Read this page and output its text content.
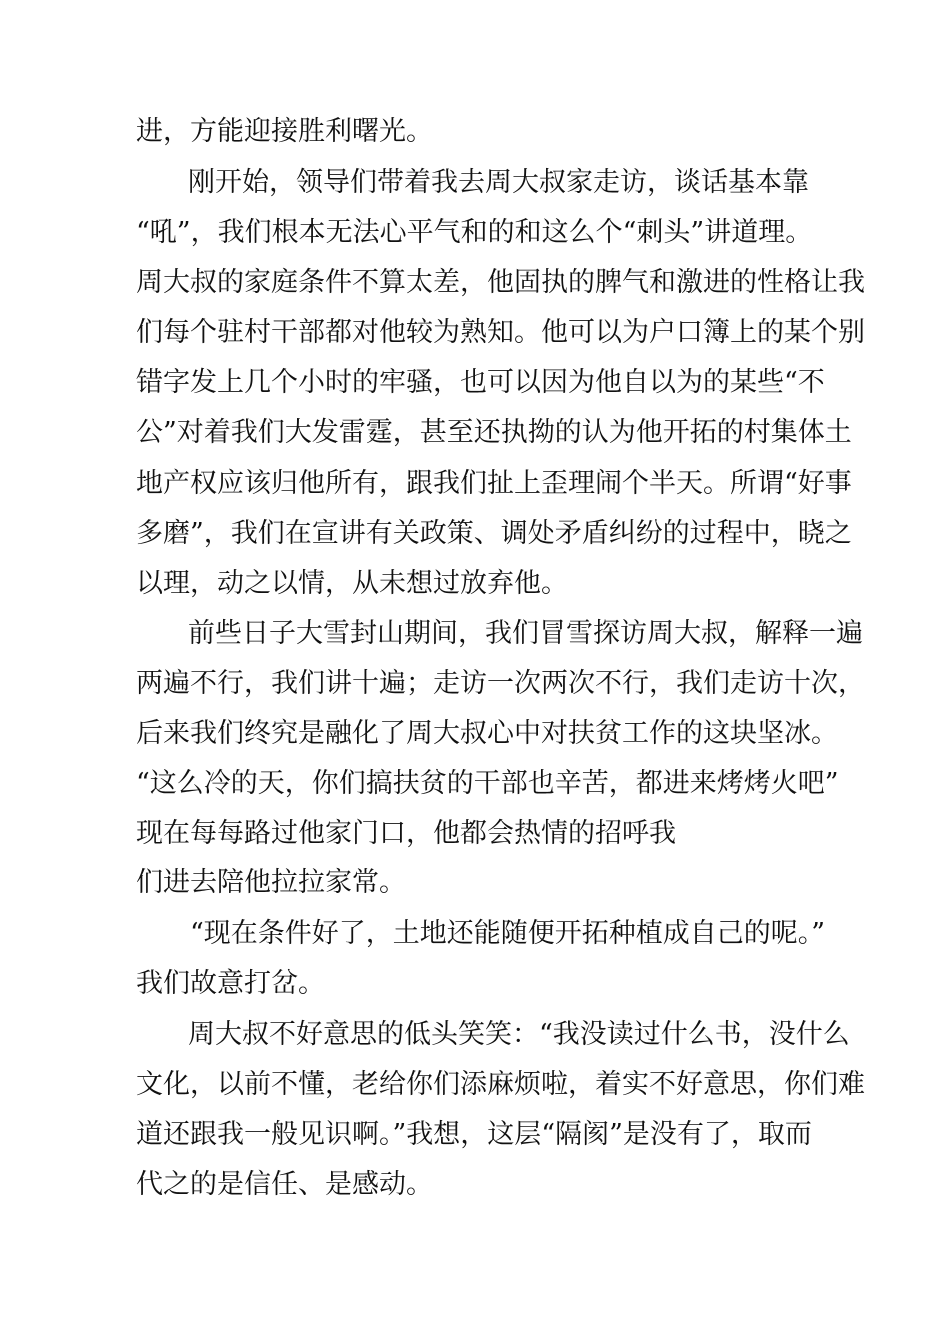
进，方能迎接胜利曙光。
刚开始，领导们带着我去周大叔家走访，谈话基本靠
“吼”，我们根本无法心平气和的和这么个“刺头”讲道理。
周大叔的家庭条件不算太差，他固执的脾气和激进的性格让我
们每个驻村干部都对他较为熟知。他可以为户口簿上的某个别
错字发上几个小时的牢骚，也可以因为他自以为的某些“不
公”对着我们大发雷霆，甚至还执拗的认为他开拓的村集体土
地产权应该归他所有，跟我们扯上歪理闹个半天。所谓“好事
多磨”，我们在宣讲有关政策、调处矛盾纠纷的过程中，晓之
以理，动之以情，从未想过放弃他。
前些日子大雪封山期间，我们冒雪探访周大叔，解释一遍
两遍不行，我们讲十遍；走访一次两次不行，我们走访十次，
后来我们终究是融化了周大叔心中对扶贫工作的这块坚冰。
“这么冷的天，你们搞扶贫的干部也辛苦，都进来烤烤火吧”
现在每每路过他家门口，他都会热情的招呼我
们进去陪他拉拉家常。
“现在条件好了，土地还能随便开拓种植成自己的呢。”
我们故意打岔。
周大叔不好意思的低头笑笑：“我没读过什么书，没什么
文化，以前不懂，老给你们添麻烦啦，着实不好意思，你们难
道还跟我一般见识啊。”我想，这层“隔阂”是没有了，取而
代之的是信任、是感动。
